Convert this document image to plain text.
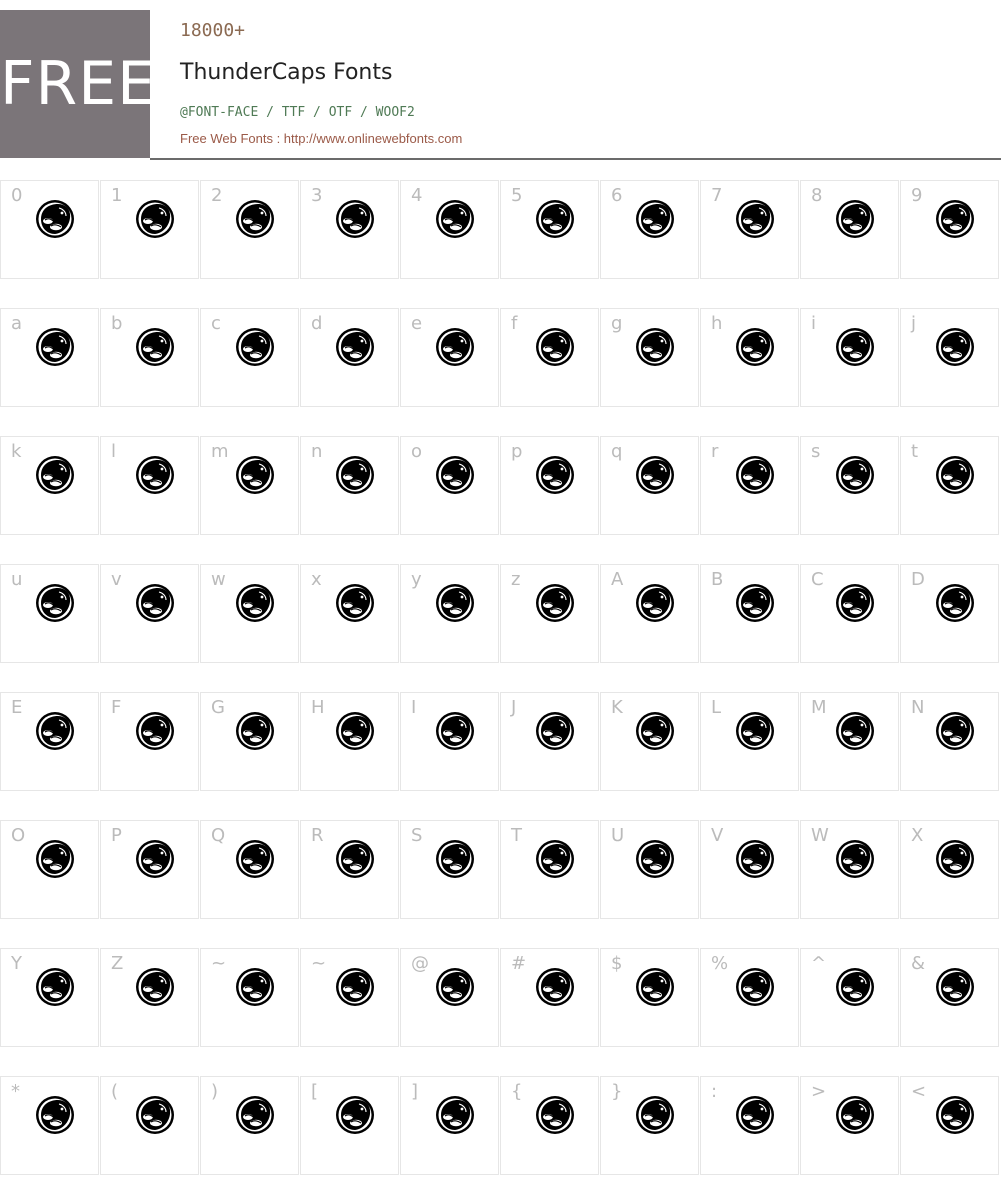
FREE
18000+
ThunderCaps Fonts
@FONT-FACE / TTF / OTF / WOOF2
Free Web Fonts : http://www.onlinewebfonts.com
0	1	2	3	4	5	6	7	8	9
a	b	c	d	e	f	g	h	i	j
k	l	m	n	o	p	q	r	s	t
u	v	w	x	y	z	A	B	C	D
E	F	G	H	I	J	K	L	M	N
O	P	Q	R	S	T	U	V	W	X
Y	Z	~	~	@	#	$	%	^	&
*	(	)	[	]	{	}	:	>	<
